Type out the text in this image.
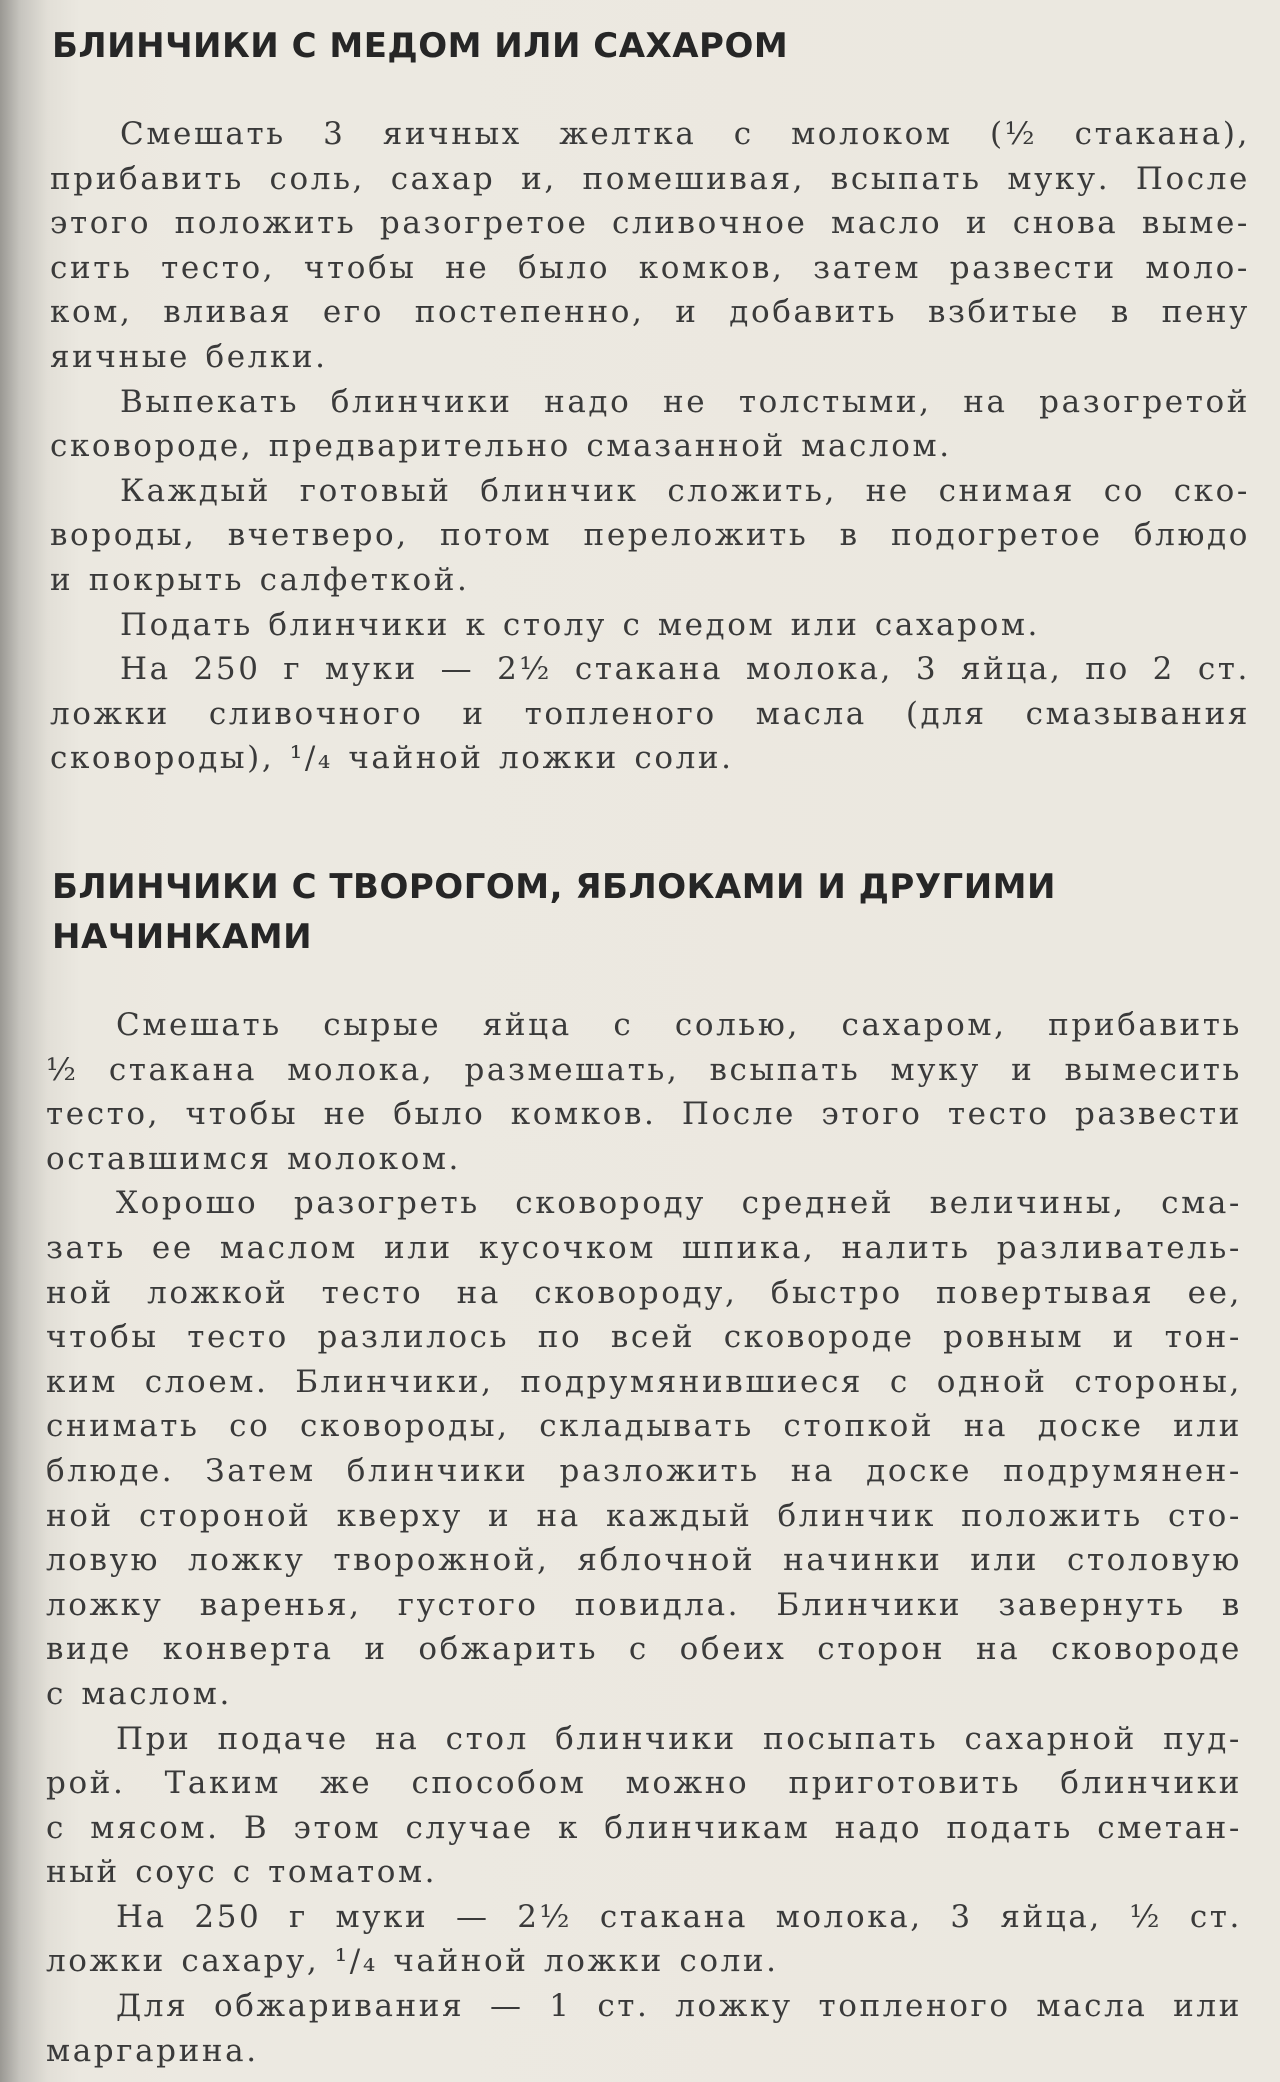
БЛИНЧИКИ С МЕДОМ ИЛИ САХАРОМ
Смешать 3 яичных желтка с молоком (½ стакана),
прибавить соль, сахар и, помешивая, всыпать муку. После
этого положить разогретое сливочное масло и снова выме-
сить тесто, чтобы не было комков, затем развести моло-
ком, вливая его постепенно, и добавить взбитые в пену
яичные белки.
Выпекать блинчики надо не толстыми, на разогретой
сковороде, предварительно смазанной маслом.
Каждый готовый блинчик сложить, не снимая со ско-
вороды, вчетверо, потом переложить в подогретое блюдо
и покрыть салфеткой.
Подать блинчики к столу с медом или сахаром.
На 250 г муки — 2½ стакана молока, 3 яйца, по 2 ст.
ложки сливочного и топленого масла (для смазывания
сковороды), ¹/₄ чайной ложки соли.
БЛИНЧИКИ С ТВОРОГОМ, ЯБЛОКАМИ И ДРУГИМИ
НАЧИНКАМИ
Смешать сырые яйца с солью, сахаром, прибавить
½ стакана молока, размешать, всыпать муку и вымесить
тесто, чтобы не было комков. После этого тесто развести
оставшимся молоком.
Хорошо разогреть сковороду средней величины, сма-
зать ее маслом или кусочком шпика, налить разливатель-
ной ложкой тесто на сковороду, быстро повертывая ее,
чтобы тесто разлилось по всей сковороде ровным и тон-
ким слоем. Блинчики, подрумянившиеся с одной стороны,
снимать со сковороды, складывать стопкой на доске или
блюде. Затем блинчики разложить на доске подрумянен-
ной стороной кверху и на каждый блинчик положить сто-
ловую ложку творожной, яблочной начинки или столовую
ложку варенья, густого повидла. Блинчики завернуть в
виде конверта и обжарить с обеих сторон на сковороде
с маслом.
При подаче на стол блинчики посыпать сахарной пуд-
рой. Таким же способом можно приготовить блинчики
с мясом. В этом случае к блинчикам надо подать сметан-
ный соус с томатом.
На 250 г муки — 2½ стакана молока, 3 яйца, ½ ст.
ложки сахару, ¹/₄ чайной ложки соли.
Для обжаривания — 1 ст. ложку топленого масла или
маргарина.
